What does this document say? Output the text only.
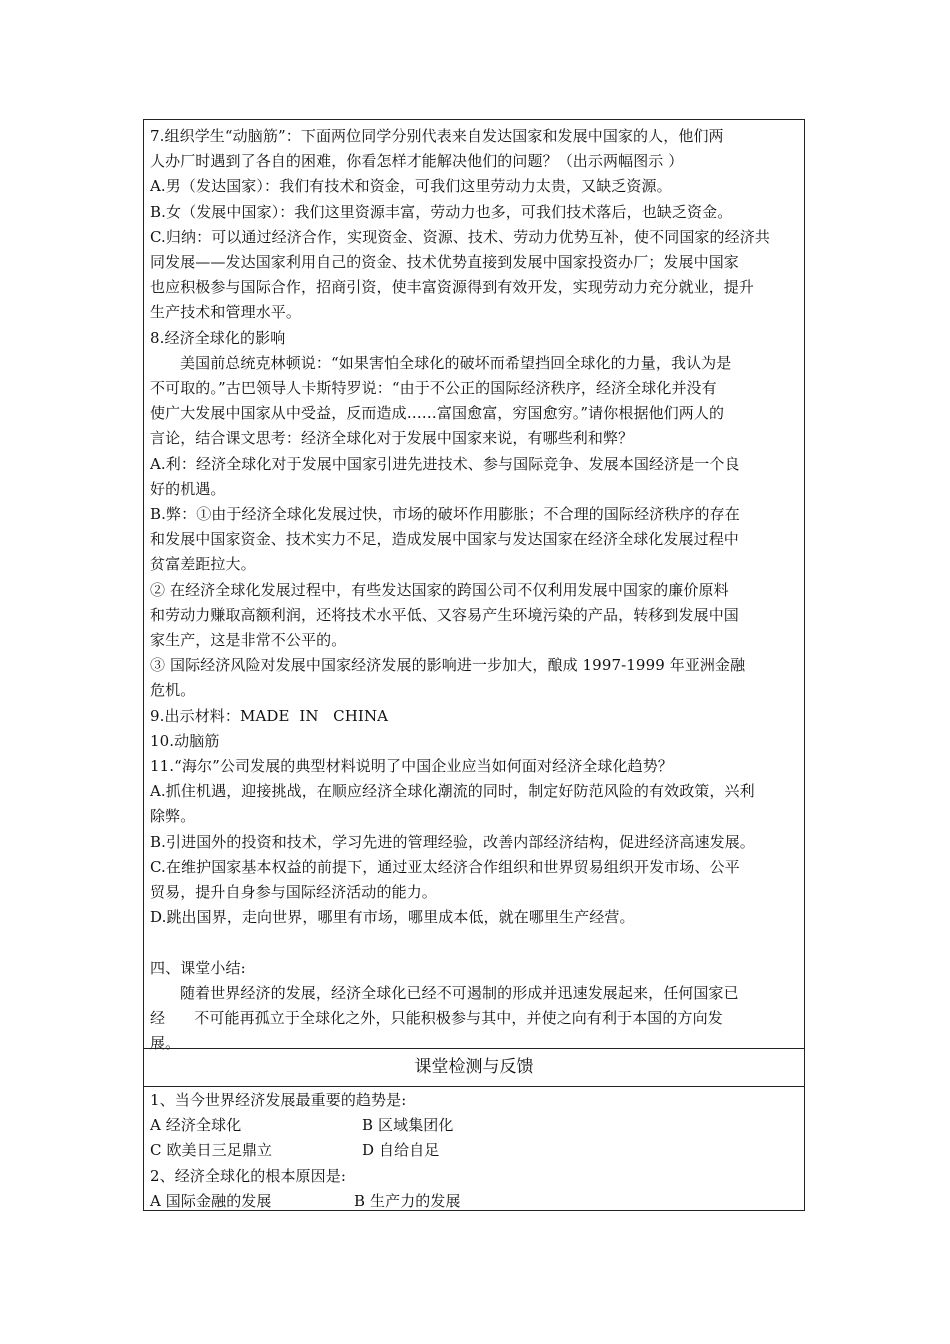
7.组织学生“动脑筋”：下面两位同学分别代表来自发达国家和发展中国家的人，他们两
人办厂时遇到了各自的困难，你看怎样才能解决他们的问题？（出示两幅图示 ）
A.男（发达国家）：我们有技术和资金，可我们这里劳动力太贵，又缺乏资源。
B.女（发展中国家）：我们这里资源丰富，劳动力也多，可我们技术落后，也缺乏资金。
C.归纳：可以通过经济合作，实现资金、资源、技术、劳动力优势互补，使不同国家的经济共
同发展——发达国家利用自己的资金、技术优势直接到发展中国家投资办厂；发展中国家
也应积极参与国际合作，招商引资，使丰富资源得到有效开发，实现劳动力充分就业，提升
生产技术和管理水平。
8.经济全球化的影响
美国前总统克林顿说：“如果害怕全球化的破坏而希望挡回全球化的力量，我认为是
不可取的。”古巴领导人卡斯特罗说：“由于不公正的国际经济秩序，经济全球化并没有
使广大发展中国家从中受益，反而造成……富国愈富，穷国愈穷。”请你根据他们两人的
言论，结合课文思考：经济全球化对于发展中国家来说，有哪些利和弊？
A.利：经济全球化对于发展中国家引进先进技术、参与国际竞争、发展本国经济是一个良
好的机遇。
B.弊：①由于经济全球化发展过快，市场的破坏作用膨胀；不合理的国际经济秩序的存在
和发展中国家资金、技术实力不足，造成发展中国家与发达国家在经济全球化发展过程中
贫富差距拉大。
② 在经济全球化发展过程中，有些发达国家的跨国公司不仅利用发展中国家的廉价原料
和劳动力赚取高额利润，还将技术水平低、又容易产生环境污染的产品，转移到发展中国
家生产，这是非常不公平的。
③ 国际经济风险对发展中国家经济发展的影响进一步加大，酿成 1997-1999 年亚洲金融
危机。
9.出示材料：MADE  IN   CHINA
10.动脑筋
11.“海尔”公司发展的典型材料说明了中国企业应当如何面对经济全球化趋势？
A.抓住机遇，迎接挑战，在顺应经济全球化潮流的同时，制定好防范风险的有效政策，兴利
除弊。
B.引进国外的投资和技术，学习先进的管理经验，改善内部经济结构，促进经济高速发展。
C.在维护国家基本权益的前提下，通过亚太经济合作组织和世界贸易组织开发市场、公平
贸易，提升自身参与国际经济活动的能力。
D.跳出国界，走向世界，哪里有市场，哪里成本低，就在哪里生产经营。
四、课堂小结:
随着世界经济的发展，经济全球化已经不可遏制的形成并迅速发展起来，任何国家已
经      不可能再孤立于全球化之外，只能积极参与其中，并使之向有利于本国的方向发
展。
课堂检测与反馈
1、当今世界经济发展最重要的趋势是:
A 经济全球化	B 区域集团化
C 欧美日三足鼎立	D 自给自足
2、经济全球化的根本原因是:
A 国际金融的发展	B 生产力的发展
